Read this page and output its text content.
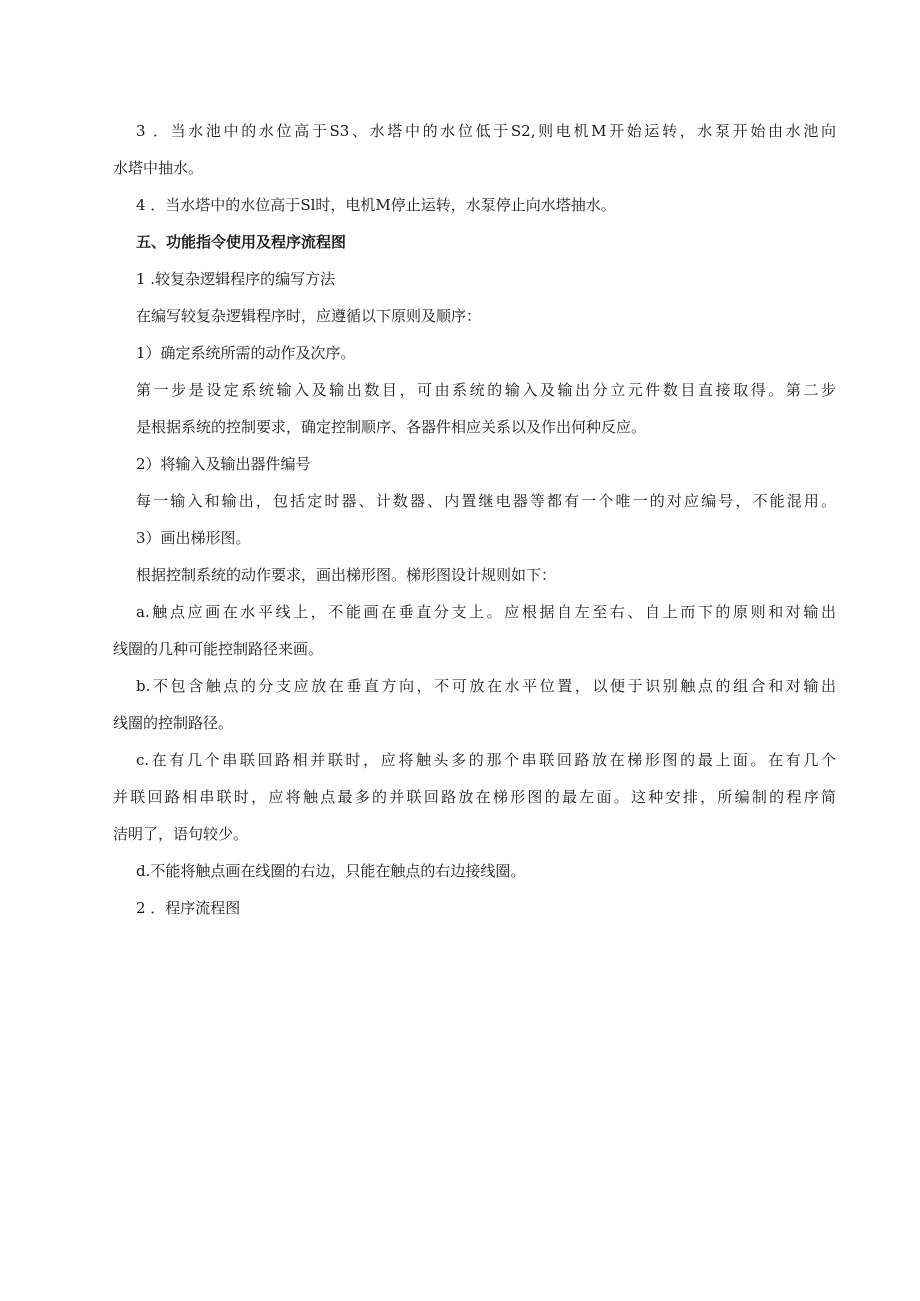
3 ．当水池中的水位高于S3、水塔中的水位低于S2,则电机M开始运转，水泵开始由水池向
水塔中抽水。
4 ．当水塔中的水位高于Sl时，电机M停止运转，水泵停止向水塔抽水。
五、功能指令使用及程序流程图
1 .较复杂逻辑程序的编写方法
在编写较复杂逻辑程序时，应遵循以下原则及顺序：
1）确定系统所需的动作及次序。
第一步是设定系统输入及输出数目，可由系统的输入及输出分立元件数目直接取得。第二步
是根据系统的控制要求，确定控制顺序、各器件相应关系以及作出何种反应。
2）将输入及输出器件编号
每一输入和输出，包括定时器、计数器、内置继电器等都有一个唯一的对应编号，不能混用。
3）画出梯形图。
根据控制系统的动作要求，画出梯形图。梯形图设计规则如下：
a.触点应画在水平线上，不能画在垂直分支上。应根据自左至右、自上而下的原则和对输出
线圈的几种可能控制路径来画。
b.不包含触点的分支应放在垂直方向，不可放在水平位置，以便于识别触点的组合和对输出
线圈的控制路径。
c.在有几个串联回路相并联时，应将触头多的那个串联回路放在梯形图的最上面。在有几个
并联回路相串联时，应将触点最多的并联回路放在梯形图的最左面。这种安排，所编制的程序简
洁明了，语句较少。
d.不能将触点画在线圈的右边，只能在触点的右边接线圈。
2 ．程序流程图
